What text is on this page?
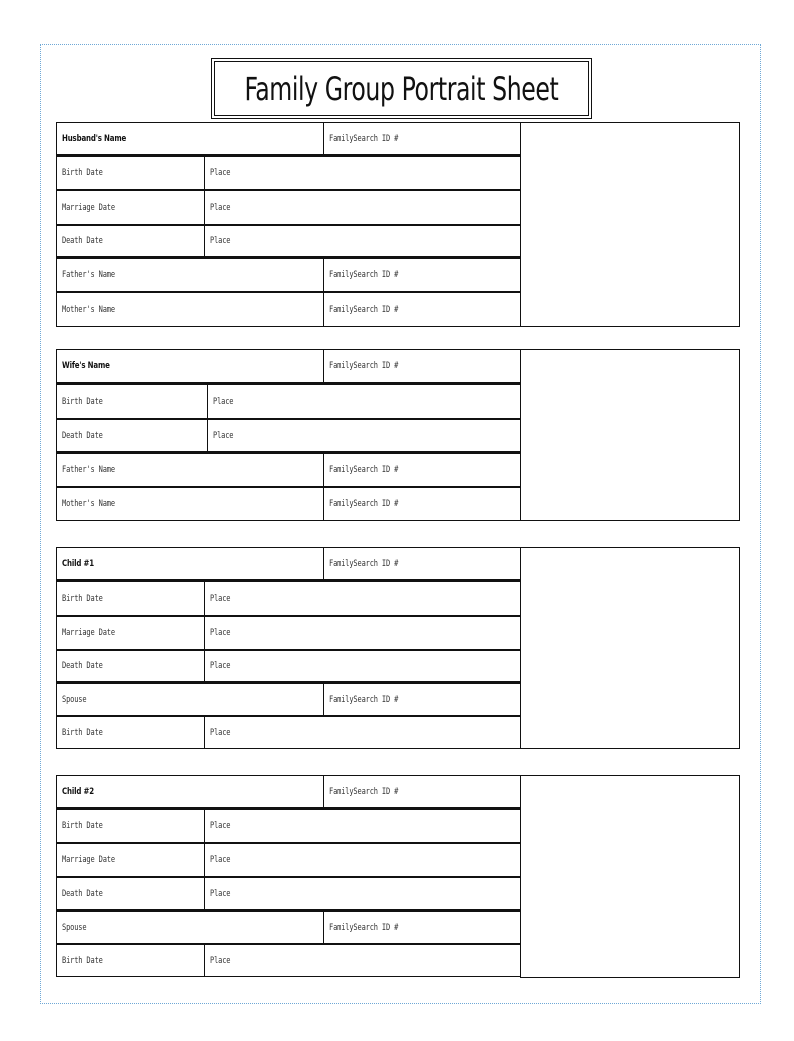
Family Group Portrait Sheet
Husband's Name	FamilySearch ID #
Birth Date	Place
Marriage Date	Place
Death Date	Place
Father's Name	FamilySearch ID #
Mother's Name	FamilySearch ID #
Wife's Name	FamilySearch ID #
Birth Date	Place
Death Date	Place
Father's Name	FamilySearch ID #
Mother's Name	FamilySearch ID #
Child #1	FamilySearch ID #
Birth Date	Place
Marriage Date	Place
Death Date	Place
Spouse	FamilySearch ID #
Birth Date	Place
Child #2	FamilySearch ID #
Birth Date	Place
Marriage Date	Place
Death Date	Place
Spouse	FamilySearch ID #
Birth Date	Place
